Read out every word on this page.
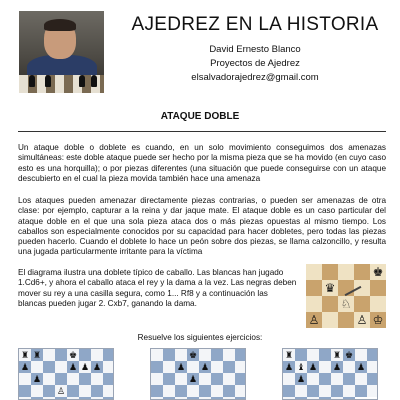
AJEDREZ EN LA HISTORIA
David Ernesto Blanco
Proyectos de Ajedrez
elsalvadorajedrez@gmail.com
ATAQUE DOBLE
Un ataque doble o doblete es cuando, en un solo movimiento conseguimos dos amenazas simultáneas: este doble ataque puede ser hecho por la misma pieza que se ha movido (en cuyo caso esto es una horquilla); o por piezas diferentes (una situación que puede conseguirse con un ataque descubierto en el cual la pieza movida también hace una amenaza
Los ataques pueden amenazar directamente piezas contrarias, o pueden ser amenazas de otra clase: por ejemplo, capturar a la reina y dar jaque mate. El ataque doble es un caso particular del ataque doble en el que una sola pieza ataca dos o más piezas opuestas al mismo tiempo. Los caballos son especialmente conocidos por su capacidad para hacer dobletes, pero todas las piezas pueden hacerlo. Cuando el doblete lo hace un peón sobre dos piezas, se llama calzoncillo, y resulta una jugada particularmente irritante para la víctima
El diagrama ilustra una doblete típico de caballo. Las blancas han jugado 1.Cd6+, y ahora el caballo ataca el rey y la dama a la vez. Las negras deben mover su rey a una casilla segura, como 1... Rf8 y a continuación las blancas pueden jugar 2. Cxb7, ganando la dama.
♚
♛
♘
♙	♙ ♔
Resuelve los siguientes ejercicios:
♜ ♜	♚
♟	♟ ♟ ♟
♟
♙
♚
♟ ♟
♟
♜	♜ ♚
♟ ♝ ♟ ♟ ♟
♟
